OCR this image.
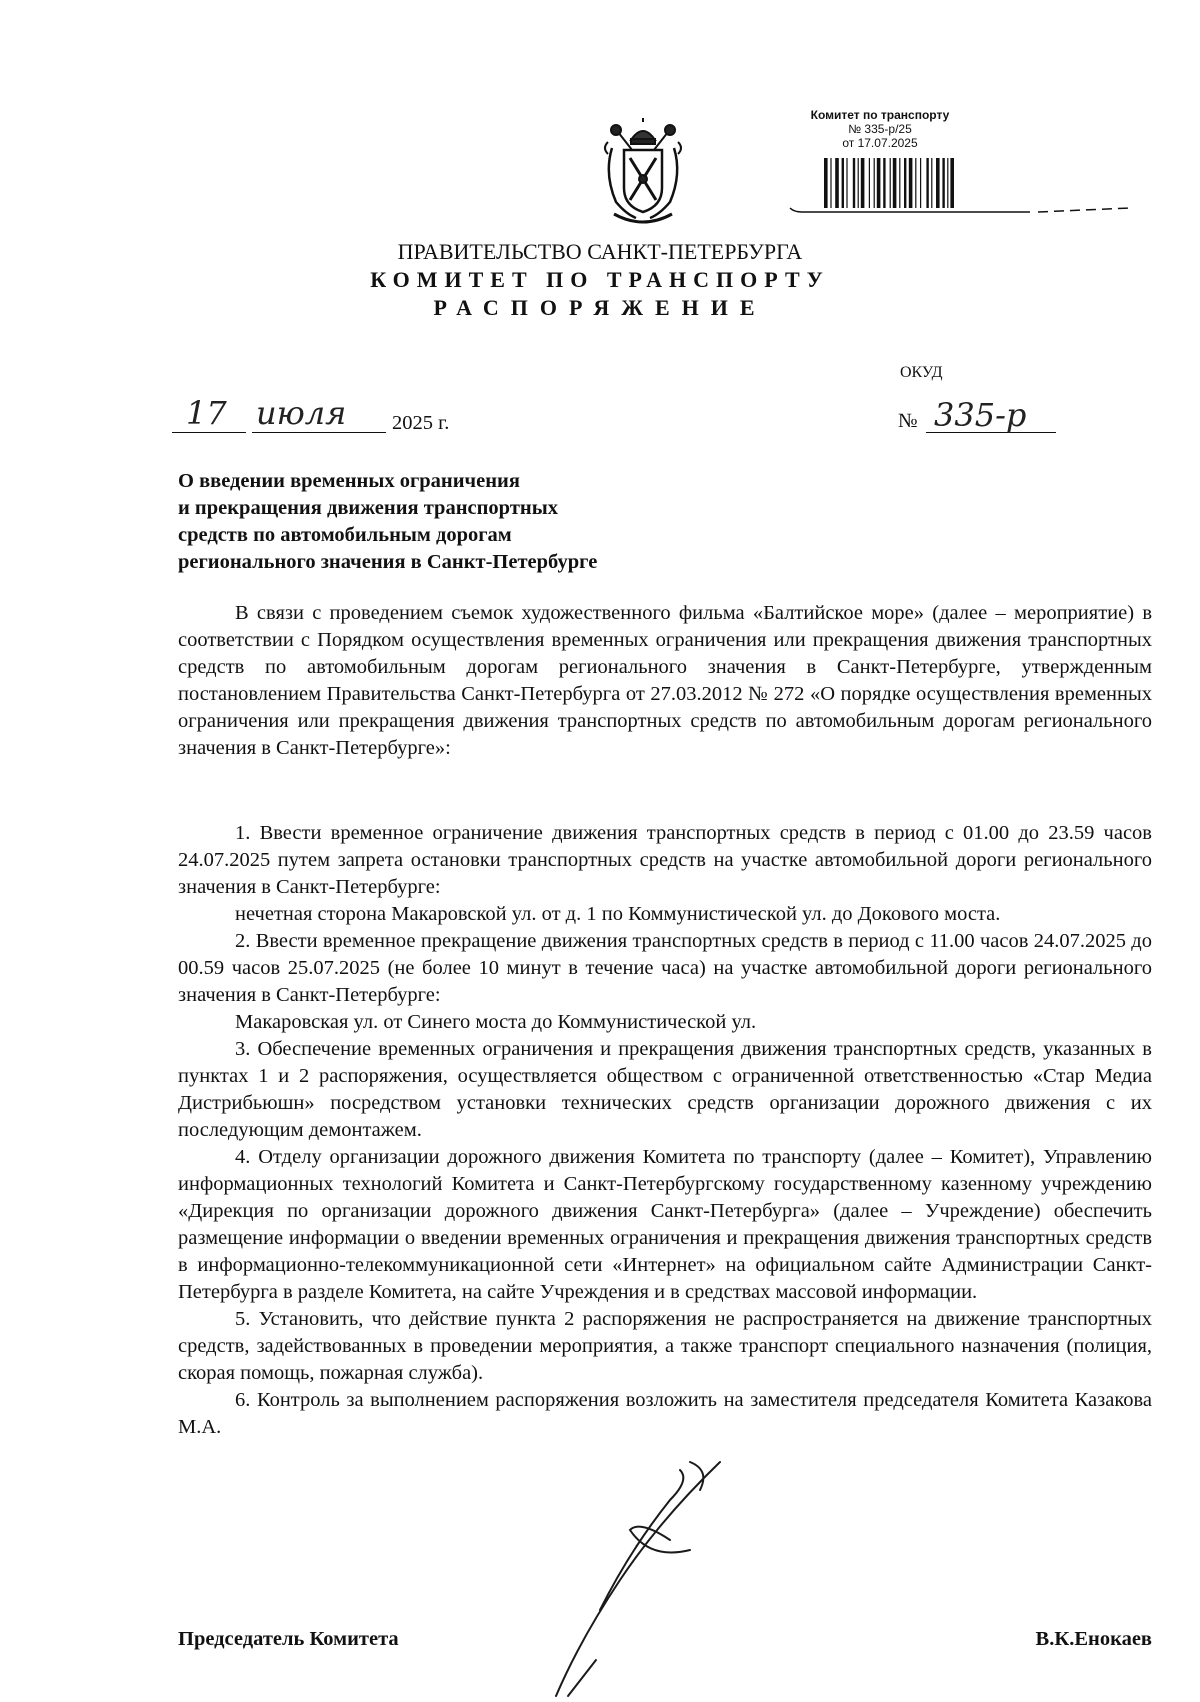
Комитет по транспорту
№ 335-р/25
от 17.07.2025
ПРАВИТЕЛЬСТВО САНКТ-ПЕТЕРБУРГА
КОМИТЕТ ПО ТРАНСПОРТУ
РАСПОРЯЖЕНИЕ
ОКУД
17 июля 2025 г.	№ 335-р
О введении временных ограничения
и прекращения движения транспортных
средств по автомобильным дорогам
регионального значения в Санкт-Петербурге

В связи с проведением съемок художественного фильма «Балтийское море» (далее – мероприятие) в соответствии с Порядком осуществления временных ограничения или прекращения движения транспортных средств по автомобильным дорогам регионального значения в Санкт-Петербурге, утвержденным постановлением Правительства Санкт-Петербурга от 27.03.2012 № 272 «О порядке осуществления временных ограничения или прекращения движения транспортных средств по автомобильным дорогам регионального значения в Санкт-Петербурге»:

1. Ввести временное ограничение движения транспортных средств в период с 01.00 до 23.59 часов 24.07.2025 путем запрета остановки транспортных средств на участке автомобильной дороги регионального значения в Санкт-Петербурге:

нечетная сторона Макаровской ул. от д. 1 по Коммунистической ул. до Докового моста.

2. Ввести временное прекращение движения транспортных средств в период с 11.00 часов 24.07.2025 до 00.59 часов 25.07.2025 (не более 10 минут в течение часа) на участке автомобильной дороги регионального значения в Санкт-Петербурге:

Макаровская ул. от Синего моста до Коммунистической ул.

3. Обеспечение временных ограничения и прекращения движения транспортных средств, указанных в пунктах 1 и 2 распоряжения, осуществляется обществом с ограниченной ответственностью «Стар Медиа Дистрибьюшн» посредством установки технических средств организации дорожного движения с их последующим демонтажем.

4. Отделу организации дорожного движения Комитета по транспорту (далее – Комитет), Управлению информационных технологий Комитета и Санкт-Петербургскому государственному казенному учреждению «Дирекция по организации дорожного движения Санкт-Петербурга» (далее – Учреждение) обеспечить размещение информации о введении временных ограничения и прекращения движения транспортных средств в информационно-телекоммуникационной сети «Интернет» на официальном сайте Администрации Санкт-Петербурга в разделе Комитета, на сайте Учреждения и в средствах массовой информации.

5. Установить, что действие пункта 2 распоряжения не распространяется на движение транспортных средств, задействованных в проведении мероприятия, а также транспорт специального назначения (полиция, скорая помощь, пожарная служба).

6. Контроль за выполнением распоряжения возложить на заместителя председателя Комитета Казакова М.А.

Председатель Комитета	В.К.Енокаев
